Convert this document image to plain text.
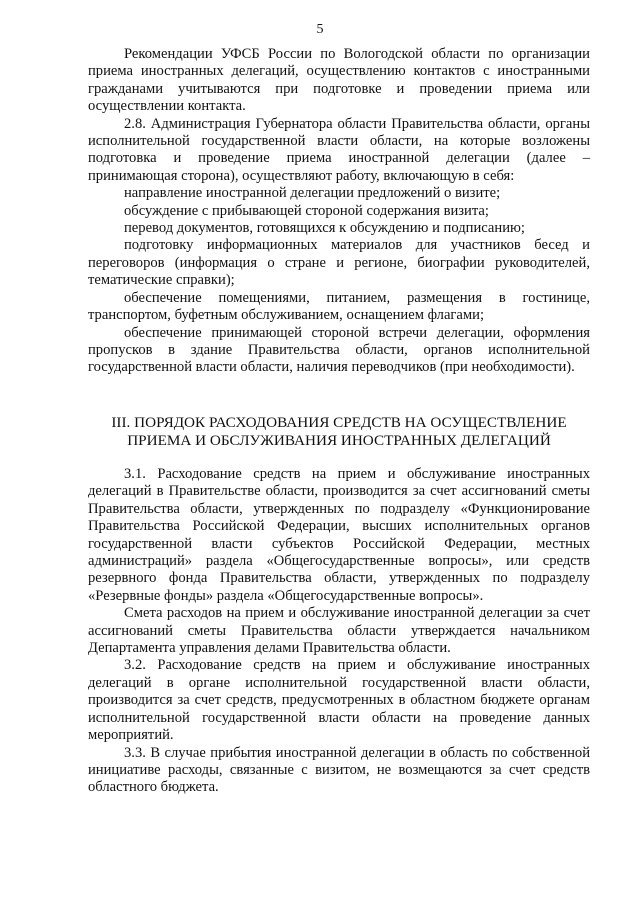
5

Рекомендации УФСБ России по Вологодской области по организации приема иностранных делегаций, осуществлению контактов с иностранными гражданами учитываются при подготовке и проведении приема или осуществлении контакта.

2.8. Администрация Губернатора области Правительства области, органы исполнительной государственной власти области, на которые возложены подготовка и проведение приема иностранной делегации (далее – принимающая сторона), осуществляют работу, включающую в себя:

направление иностранной делегации предложений о визите;

обсуждение с прибывающей стороной содержания визита;

перевод документов, готовящихся к обсуждению и подписанию;

подготовку информационных материалов для участников бесед и переговоров (информация о стране и регионе, биографии руководителей, тематические справки);

обеспечение помещениями, питанием, размещения в гостинице, транспортом, буфетным обслуживанием, оснащением флагами;

обеспечение принимающей стороной встречи делегации, оформления пропусков в здание Правительства области, органов исполнительной государственной власти области, наличия переводчиков (при необходимости).

III. ПОРЯДОК РАСХОДОВАНИЯ СРЕДСТВ НА ОСУЩЕСТВЛЕНИЕ

ПРИЕМА И ОБСЛУЖИВАНИЯ ИНОСТРАННЫХ ДЕЛЕГАЦИЙ

3.1. Расходование средств на прием и обслуживание иностранных делегаций в Правительстве области, производится за счет ассигнований сметы Правительства области, утвержденных по подразделу «Функционирование Правительства Российской Федерации, высших исполнительных органов государственной власти субъектов Российской Федерации, местных администраций» раздела «Общегосударственные вопросы», или средств резервного фонда Правительства области, утвержденных по подразделу «Резервные фонды» раздела «Общегосударственные вопросы».

Смета расходов на прием и обслуживание иностранной делегации за счет ассигнований сметы Правительства области утверждается начальником Департамента управления делами Правительства области.

3.2. Расходование средств на прием и обслуживание иностранных делегаций в органе исполнительной государственной власти области, производится за счет средств, предусмотренных в областном бюджете органам исполнительной государственной власти области на проведение данных мероприятий.

3.3. В случае прибытия иностранной делегации в область по собственной инициативе расходы, связанные с визитом, не возмещаются за счет средств областного бюджета.
